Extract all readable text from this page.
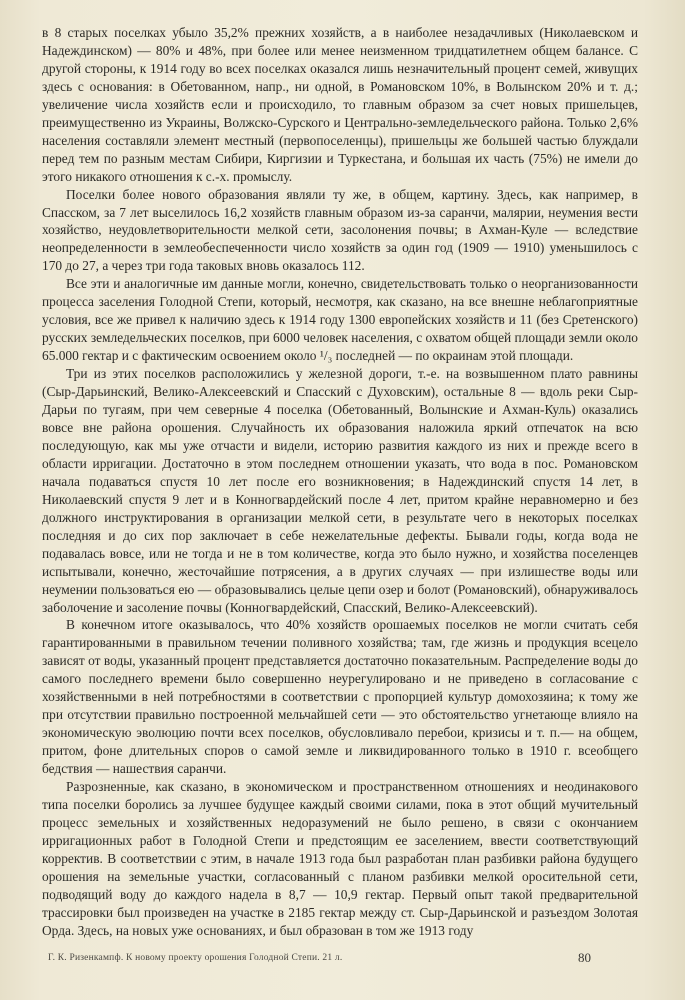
в 8 старых поселках убыло 35,2% прежних хозяйств, а в наиболее незадачливых (Николаевском и Надеждинском) — 80% и 48%, при более или менее неизменном тридцатилетнем общем балансе. С другой стороны, к 1914 году во всех поселках оказался лишь незначительный процент семей, живущих здесь с основания: в Обетованном, напр., ни одной, в Романовском 10%, в Волынском 20% и т. д.; увеличение числа хозяйств если и происходило, то главным образом за счет новых пришельцев, преимущественно из Украины, Волжско-Сурского и Центрально-земледельческого района. Только 2,6% населения составляли элемент местный (первопоселенцы), пришельцы же большей частью блуждали перед тем по разным местам Сибири, Киргизии и Туркестана, и большая их часть (75%) не имели до этого никакого отношения к с.-х. промыслу.

Поселки более нового образования являли ту же, в общем, картину. Здесь, как например, в Спасском, за 7 лет выселилось 16,2 хозяйств главным образом из-за саранчи, малярии, неумения вести хозяйство, неудовлетворительности мелкой сети, засолонения почвы; в Ахман-Куле — вследствие неопределенности в землеобеспеченности число хозяйств за один год (1909 — 1910) уменьшилось с 170 до 27, а через три года таковых вновь оказалось 112.

Все эти и аналогичные им данные могли, конечно, свидетельствовать только о неорганизованности процесса заселения Голодной Степи, который, несмотря, как сказано, на все внешне неблагоприятные условия, все же привел к наличию здесь к 1914 году 1300 европейских хозяйств и 11 (без Сретенского) русских земледельческих поселков, при 6000 человек населения, с охватом общей площади земли около 65.000 гектар и с фактическим освоением около ¹/₃ последней — по окраинам этой площади.

Три из этих поселков расположились у железной дороги, т.-е. на возвышенном плато равнины (Сыр-Дарьинский, Велико-Алексеевский и Спасский с Духовским), остальные 8 — вдоль реки Сыр-Дарьи по тугаям, при чем северные 4 поселка (Обетованный, Волынские и Ахман-Куль) оказались вовсе вне района орошения. Случайность их образования наложила яркий отпечаток на всю последующую, как мы уже отчасти и видели, историю развития каждого из них и прежде всего в области ирригации. Достаточно в этом последнем отношении указать, что вода в пос. Романовском начала подаваться спустя 10 лет после его возникновения; в Надеждинский спустя 14 лет, в Николаевский спустя 9 лет и в Конногвардейский после 4 лет, притом крайне неравномерно и без должного инструктирования в организации мелкой сети, в результате чего в некоторых поселках последняя и до сих пор заключает в себе нежелательные дефекты. Бывали годы, когда вода не подавалась вовсе, или не тогда и не в том количестве, когда это было нужно, и хозяйства поселенцев испытывали, конечно, жесточайшие потрясения, а в других случаях — при излишестве воды или неумении пользоваться ею — образовывались целые цепи озер и болот (Романовский), обнаруживалось заболочение и засоление почвы (Конногвардейский, Спасский, Велико-Алексеевский).

В конечном итоге оказывалось, что 40% хозяйств орошаемых поселков не могли считать себя гарантированными в правильном течении поливного хозяйства; там, где жизнь и продукция всецело зависят от воды, указанный процент представляется достаточно показательным. Распределение воды до самого последнего времени было совершенно неурегулировано и не приведено в согласование с хозяйственными в ней потребностями в соответствии с пропорцией культур домохозяина; к тому же при отсутствии правильно построенной мельчайшей сети — это обстоятельство угнетающе влияло на экономическую эволюцию почти всех поселков, обусловливало перебои, кризисы и т. п.— на общем, притом, фоне длительных споров о самой земле и ликвидированного только в 1910 г. всеобщего бедствия — нашествия саранчи.

Разрозненные, как сказано, в экономическом и пространственном отношениях и неодинакового типа поселки боролись за лучшее будущее каждый своими силами, пока в этот общий мучительный процесс земельных и хозяйственных недоразумений не было решено, в связи с окончанием ирригационных работ в Голодной Степи и предстоящим ее заселением, ввести соответствующий корректив. В соответствии с этим, в начале 1913 года был разработан план разбивки района будущего орошения на земельные участки, согласованный с планом разбивки мелкой оросительной сети, подводящий воду до каждого надела в 8,7 — 10,9 гектар. Первый опыт такой предварительной трассировки был произведен на участке в 2185 гектар между ст. Сыр-Дарьинской и разъездом Золотая Орда. Здесь, на новых уже основаниях, и был образован в том же 1913 году

Г. К. Ризенкампф. К новому проекту орошения Голодной Степи. 21 л.	80
